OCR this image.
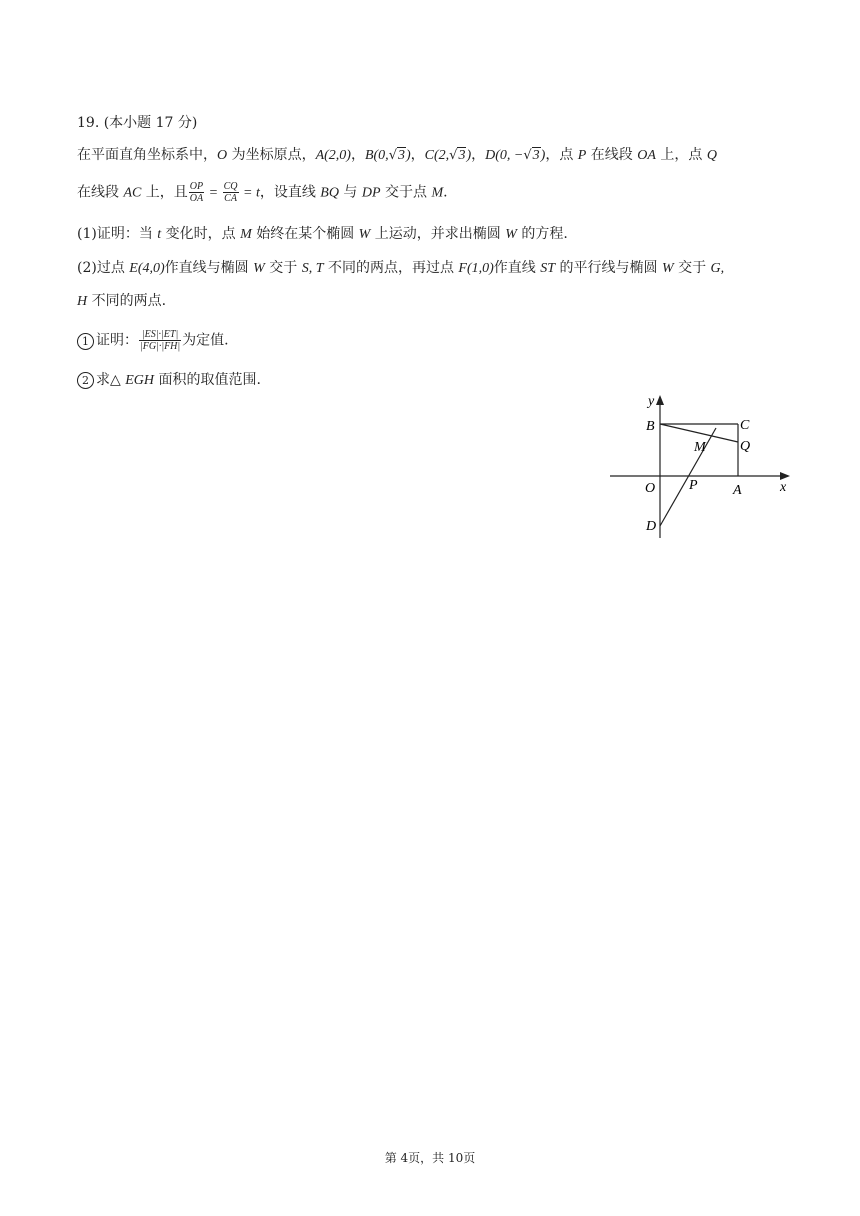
19. (本小题 17 分)
在平面直角坐标系中，O 为坐标原点，A(2,0)，B(0,√3)，C(2,√3)，D(0, −√3)，点 P 在线段 OA 上，点 Q
在线段 AC 上，且 $\frac{OP}{OA} = \frac{CQ}{CA} = t$，设直线 BQ 与 DP 交于点 M.
(1)证明：当 t 变化时，点 M 始终在某个椭圆 W 上运动，并求出椭圆 W 的方程.
(2)过点 E(4,0)作直线与椭圆 W 交于 S, T 不同的两点，再过点 F(1,0)作直线 ST 的平行线与椭圆 W 交于 G,
H 不同的两点.
1 证明： $\frac{|ES|\cdot|ET|}{|FG|\cdot|FH|}$ 为定值.
2 求△ EGH 面积的取值范围.
y
x
B	C
M Q
O P	A
D
第 4页，共 10页
